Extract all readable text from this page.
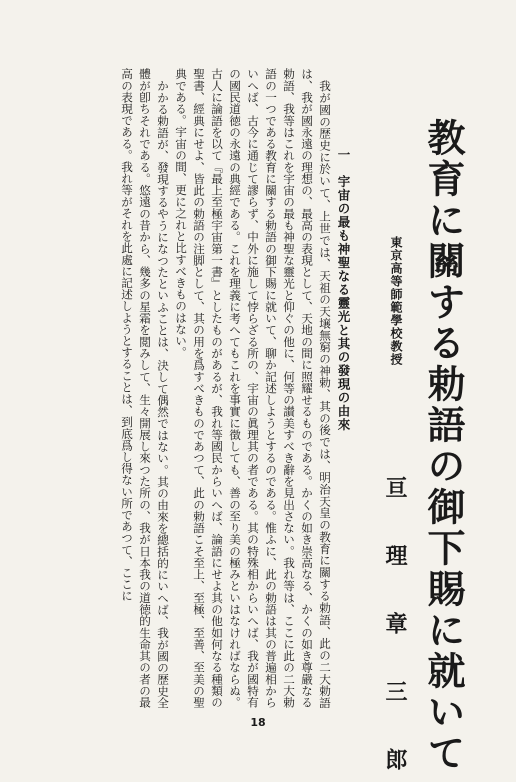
教育に關する勅語の御下賜に就いて
東京高等師範學校教授
亘　理　章　三　郎
一　宇宙の最も神聖なる靈光と其の發現の由來

我が國の歴史に於いて、上世では、天祖の天壌無窮の神勅、其の後では、明治天皇の教育に關する勅語、此の二大勅語は、我が國永遠の理想の、最高の表現として、天地の間に照耀せるものである。かくの如き崇高なる、かくの如き尊嚴なる勅語、我等はこれを宇宙の最も神聖な靈光と仰ぐの他に、何等の讃美すべき辭を見出さない。我れ等は、ここに此の二大勅語の一つである教育に關する勅語の御下賜に就いて、聊か記述しようとするのである。惟ふに、此の勅語は其の普遍相からいへば、古今に通じて謬らず、中外に施して悖らざる所の、宇宙の眞理其の者である。其の特殊相からいへば、我が國特有の國民道徳の永遠の典經である。これを理義に考へてもこれを事實に徴しても、善の至り美の極みといはなければならぬ。古人に論語を以て『最上至極宇宙第一書』としたものがあるが、我れ等國民からいへば、論語にせよ其の他如何なる種類の聖書、經典にせよ、皆此の勅語の注脚として、其の用を爲すべきものであつて、此の勅語こそ至上、至極、至善、至美の聖典である。宇宙の間、更に之れと比すべきものはない。

かかる勅語が、發現するやうになつたといふことは、決して偶然ではない。其の由來を總括的にいへば、我が國の歴史全體が卽ちそれである。悠遠の昔から、幾多の星霜を閲みして、生々開展し來つた所の、我が日本我の道徳的生命其の者の最高の表現である。我れ等がそれを此處に記述しようとすることは、到底爲し得ない所であつて、ここに

18
